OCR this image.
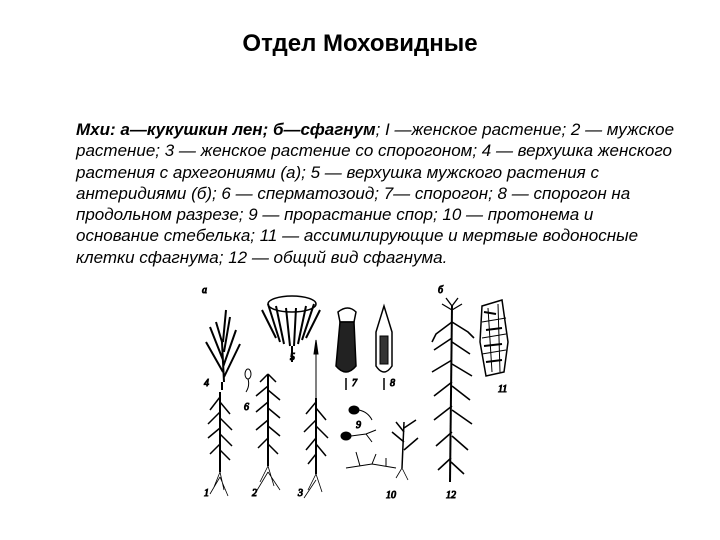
Отдел Моховидные
Мхи: а—кукушкин лен; б—сфагнум; I —женское растение; 2 — мужское растение; 3 — женское растение со спорогоном; 4 — верхушка женского растения с архегониями (а); 5 — верхушка мужского растения с антеридиями (б); 6 — сперматозоид; 7— спорогон; 8 — спорогон на продольном разрезе; 9 — прорастание спор; 10 — протонема и основание стебелька; 11 — ассимилирующие и мертвые водоносные клетки сфагнума; 12 — общий вид сфагнума.
а	б
4
5
6
1	2	3
7	8
9
10	12
11
